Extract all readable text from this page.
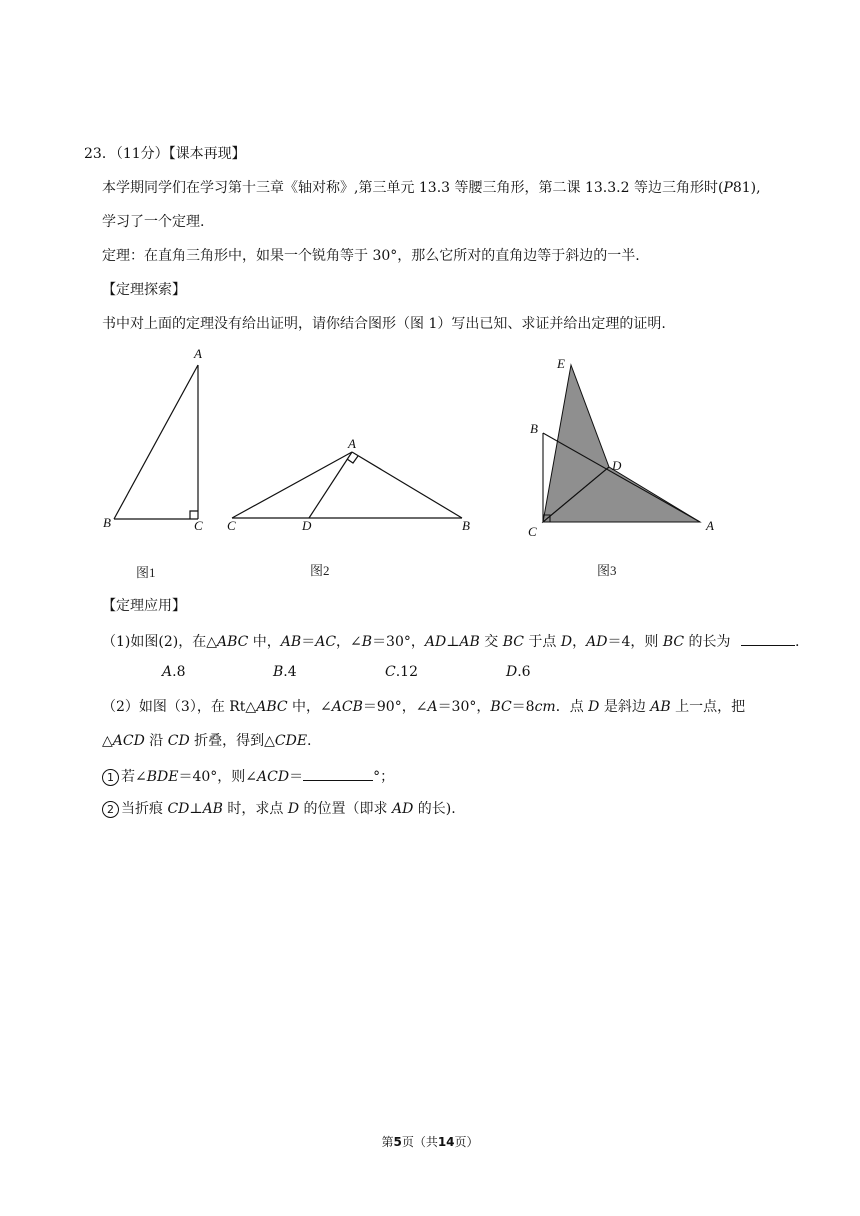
23．（11分）【课本再现】
本学期同学们在学习第十三章《轴对称》,第三单元 13.3 等腰三角形，第二课 13.3.2 等边三角形时(P81),
学习了一个定理.
定理：在直角三角形中，如果一个锐角等于 30°，那么它所对的直角边等于斜边的一半.
【定理探索】
书中对上面的定理没有给出证明，请你结合图形（图 1）写出已知、求证并给出定理的证明.
A
B	C
A
C	D	B
E
B
D
C	A
图1	图2	图3
【定理应用】
（1)如图(2)，在△ABC 中，AB＝AC，∠B＝30°，AD⊥AB 交 BC 于点 D，AD＝4，则 BC 的长为	.
A.8	B.4	C.12	D.6
（2）如图（3），在 Rt△ABC 中，∠ACB＝90°，∠A＝30°，BC＝8cm．点 D 是斜边 AB 上一点，把
△ACD 沿 CD 折叠，得到△CDE.
1 若∠BDE＝40°，则∠ACD＝	°；
2 当折痕 CD⊥AB 时，求点 D 的位置（即求 AD 的长).
第5页（共14页）
